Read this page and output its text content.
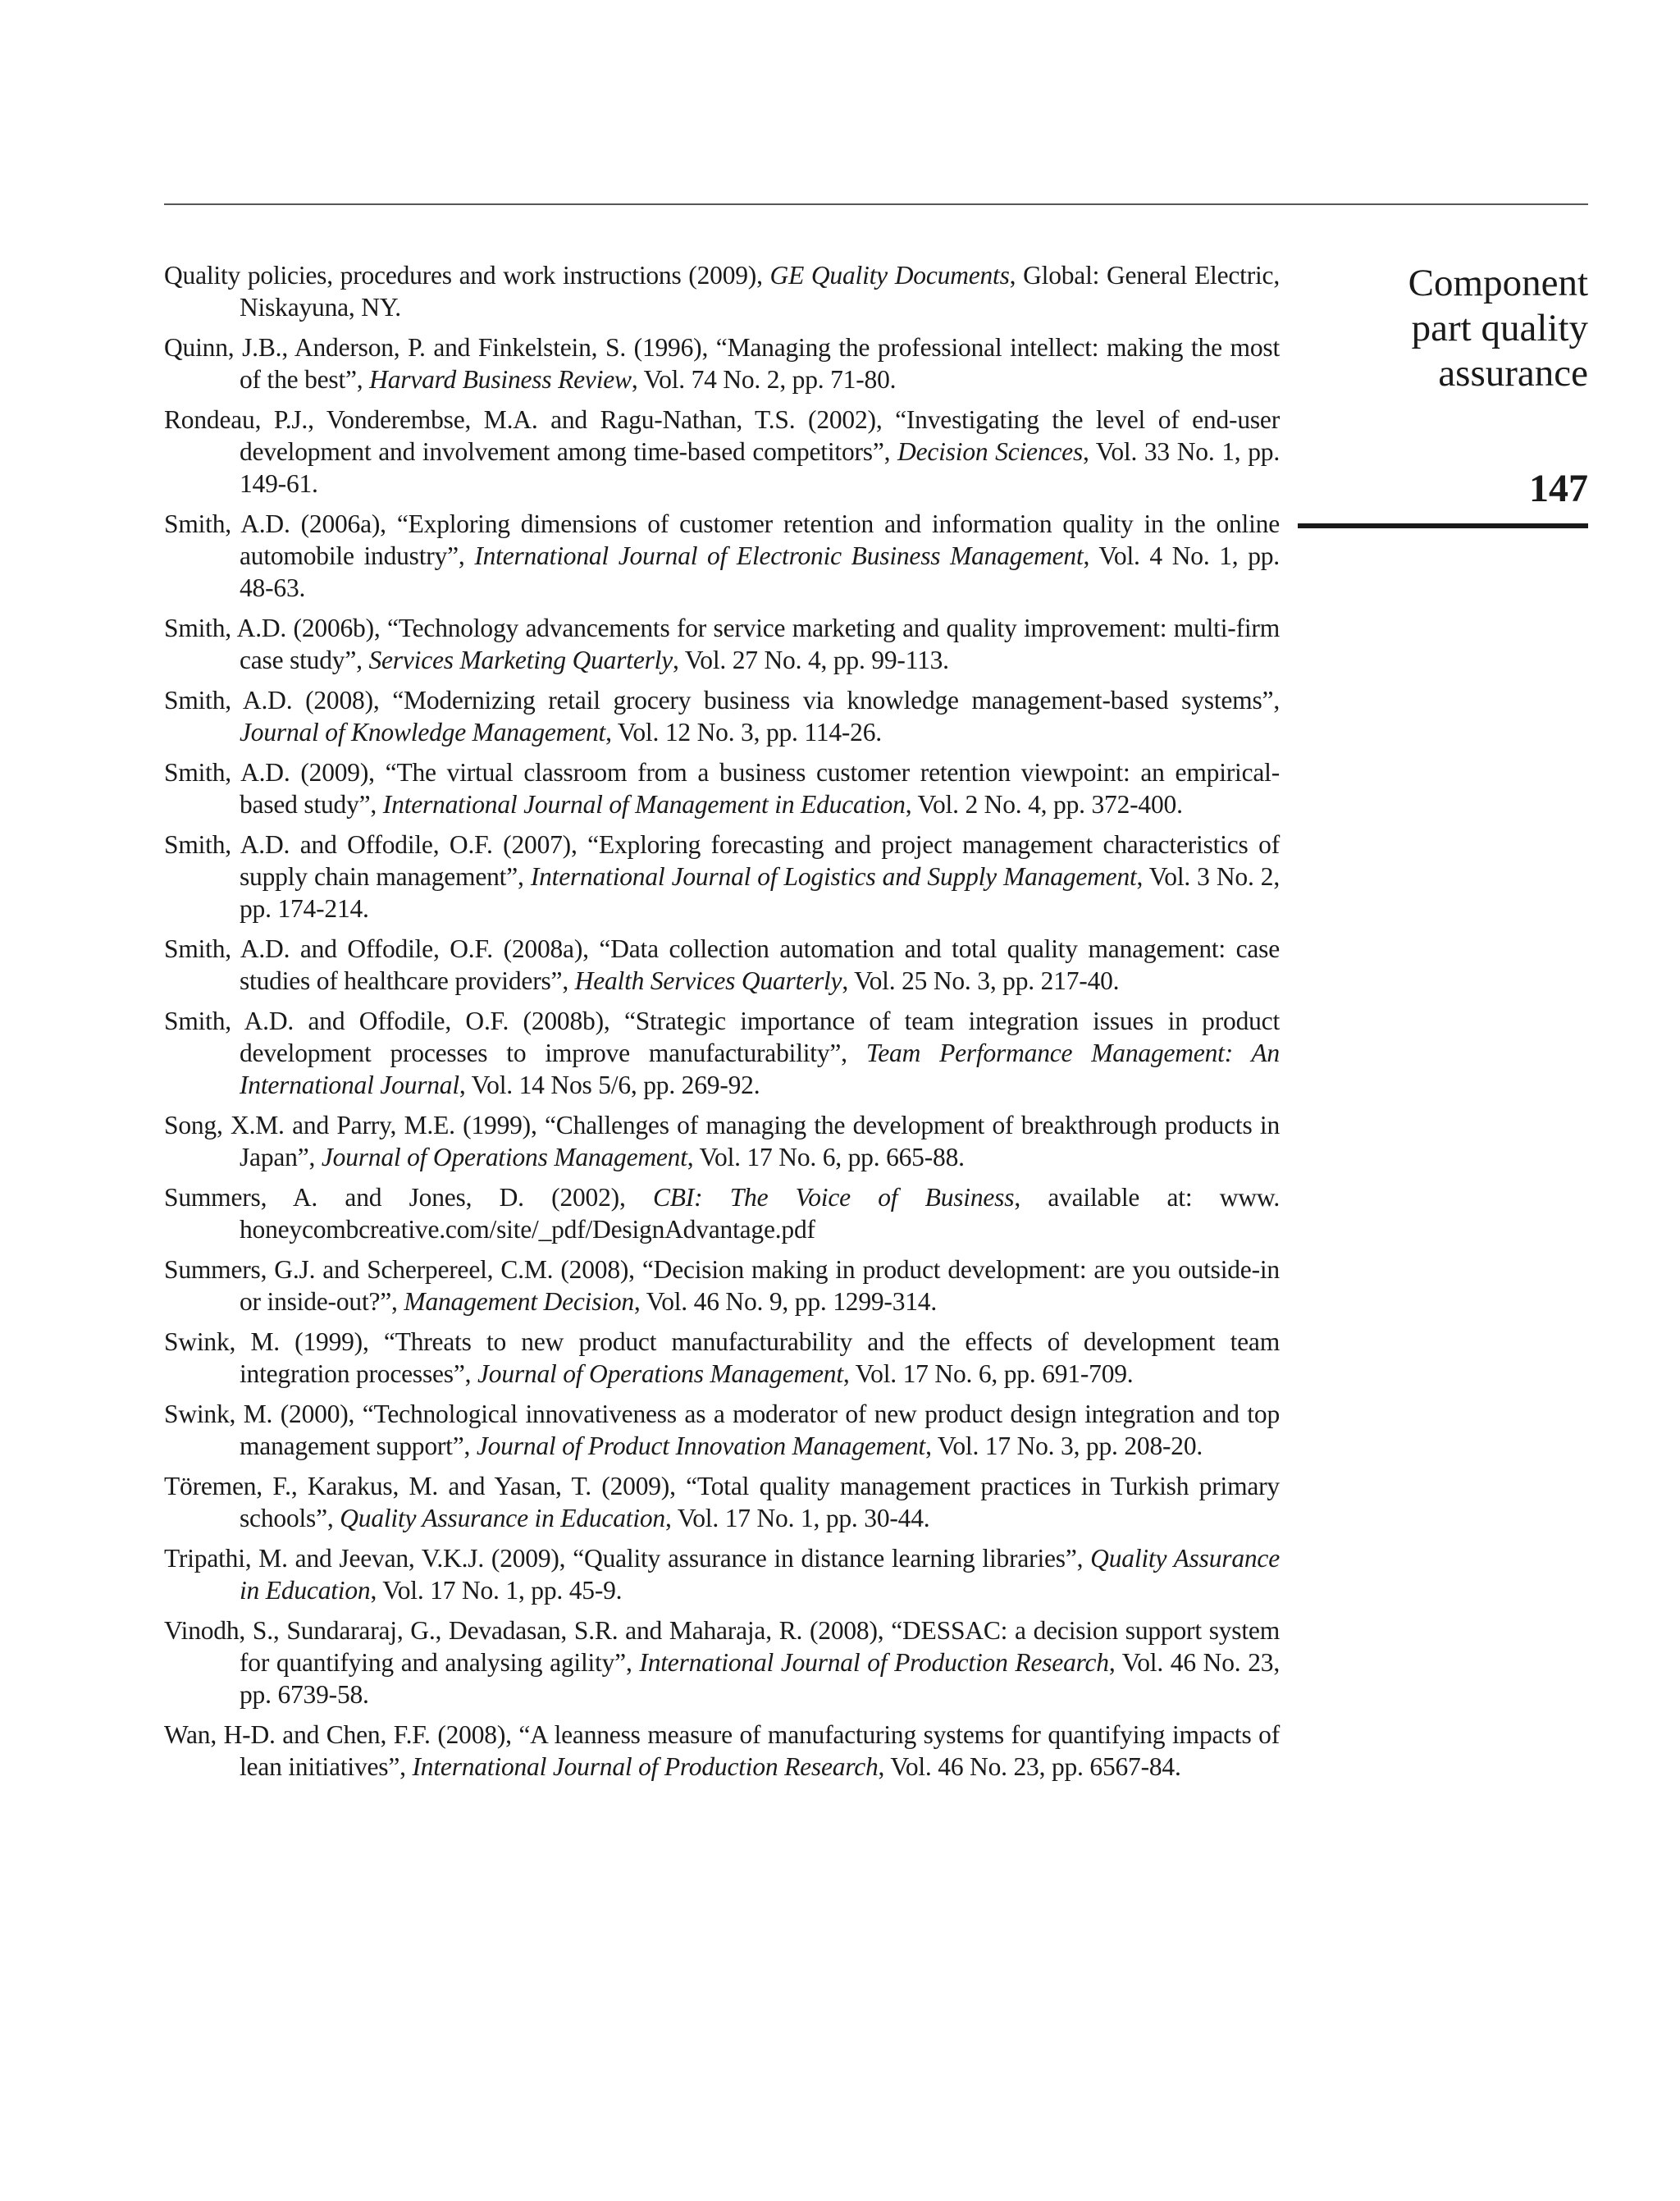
Component
part quality
assurance
147
Quality policies, procedures and work instructions (2009), GE Quality Documents, Global: General Electric, Niskayuna, NY.
Quinn, J.B., Anderson, P. and Finkelstein, S. (1996), “Managing the professional intellect: making the most of the best”, Harvard Business Review, Vol. 74 No. 2, pp. 71-80.
Rondeau, P.J., Vonderembse, M.A. and Ragu-Nathan, T.S. (2002), “Investigating the level of end-user development and involvement among time-based competitors”, Decision Sciences, Vol. 33 No. 1, pp. 149-61.
Smith, A.D. (2006a), “Exploring dimensions of customer retention and information quality in the online automobile industry”, International Journal of Electronic Business Management, Vol. 4 No. 1, pp. 48-63.
Smith, A.D. (2006b), “Technology advancements for service marketing and quality improvement: multi-firm case study”, Services Marketing Quarterly, Vol. 27 No. 4, pp. 99-113.
Smith, A.D. (2008), “Modernizing retail grocery business via knowledge management-based systems”, Journal of Knowledge Management, Vol. 12 No. 3, pp. 114-26.
Smith, A.D. (2009), “The virtual classroom from a business customer retention viewpoint: an empirical-based study”, International Journal of Management in Education, Vol. 2 No. 4, pp. 372-400.
Smith, A.D. and Offodile, O.F. (2007), “Exploring forecasting and project management characteristics of supply chain management”, International Journal of Logistics and Supply Management, Vol. 3 No. 2, pp. 174-214.
Smith, A.D. and Offodile, O.F. (2008a), “Data collection automation and total quality management: case studies of healthcare providers”, Health Services Quarterly, Vol. 25 No. 3, pp. 217-40.
Smith, A.D. and Offodile, O.F. (2008b), “Strategic importance of team integration issues in product development processes to improve manufacturability”, Team Performance Management: An International Journal, Vol. 14 Nos 5/6, pp. 269-92.
Song, X.M. and Parry, M.E. (1999), “Challenges of managing the development of breakthrough products in Japan”, Journal of Operations Management, Vol. 17 No. 6, pp. 665-88.
Summers, A. and Jones, D. (2002), CBI: The Voice of Business, available at: www. honeycombcreative.com/site/_pdf/DesignAdvantage.pdf
Summers, G.J. and Scherpereel, C.M. (2008), “Decision making in product development: are you outside-in or inside-out?”, Management Decision, Vol. 46 No. 9, pp. 1299-314.
Swink, M. (1999), “Threats to new product manufacturability and the effects of development team integration processes”, Journal of Operations Management, Vol. 17 No. 6, pp. 691-709.
Swink, M. (2000), “Technological innovativeness as a moderator of new product design integration and top management support”, Journal of Product Innovation Management, Vol. 17 No. 3, pp. 208-20.
Töremen, F., Karakus, M. and Yasan, T. (2009), “Total quality management practices in Turkish primary schools”, Quality Assurance in Education, Vol. 17 No. 1, pp. 30-44.
Tripathi, M. and Jeevan, V.K.J. (2009), “Quality assurance in distance learning libraries”, Quality Assurance in Education, Vol. 17 No. 1, pp. 45-9.
Vinodh, S., Sundararaj, G., Devadasan, S.R. and Maharaja, R. (2008), “DESSAC: a decision support system for quantifying and analysing agility”, International Journal of Production Research, Vol. 46 No. 23, pp. 6739-58.
Wan, H-D. and Chen, F.F. (2008), “A leanness measure of manufacturing systems for quantifying impacts of lean initiatives”, International Journal of Production Research, Vol. 46 No. 23, pp. 6567-84.
